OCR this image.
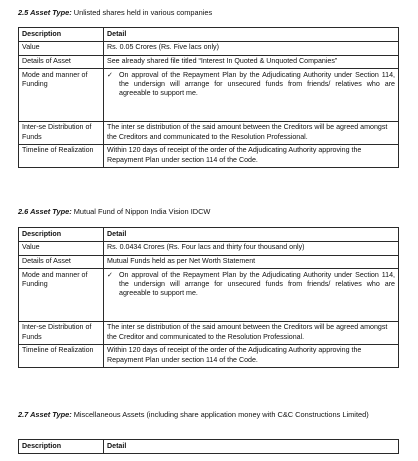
2.5 Asset Type: Unlisted shares held in various companies
Description	Detail
Value	Rs. 0.05 Crores (Rs. Five lacs only)
Details of Asset	See already shared file titled “Interest In Quoted & Unquoted Companies”
Mode and manner of Funding	✓ On approval of the Repayment Plan by the Adjudicating Authority under Section 114, the undersign will arrange for unsecured funds from friends/ relatives who are agreeable to support me.

Inter-se Distribution of Funds	The inter se distribution of the said amount between the Creditors will be agreed amongst the Creditors and communicated to the Resolution Professional.
Timeline of Realization	Within 120 days of receipt of the order of the Adjudicating Authority approving the Repayment Plan under section 114 of the Code.
2.6 Asset Type: Mutual Fund of Nippon India Vision IDCW
Description	Detail
Value	Rs. 0.0434 Crores (Rs. Four lacs and thirty four thousand only)
Details of Asset	Mutual Funds held as per Net Worth Statement
Mode and manner of Funding	✓ On approval of the Repayment Plan by the Adjudicating Authority under Section 114, the undersign will arrange for unsecured funds from friends/ relatives who are agreeable to support me.

Inter-se Distribution of Funds	The inter se distribution of the said amount between the Creditors will be agreed amongst the Creditor and communicated to the Resolution Professional.
Timeline of Realization	Within 120 days of receipt of the order of the Adjudicating Authority approving the Repayment Plan under section 114 of the Code.
2.7 Asset Type: Miscellaneous Assets (including share application money with C&C Constructions Limited)
Description	Detail
